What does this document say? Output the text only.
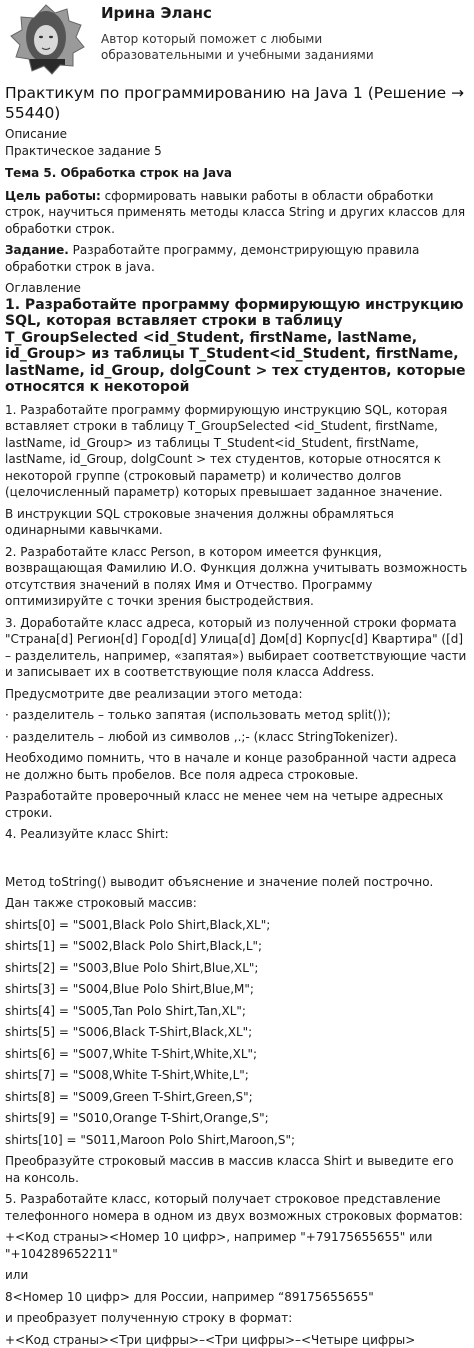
Ирина Эланс
Автор который поможет с любыми образовательными и учебными заданиями
Практикум по программированию на Java 1 (Решение → 55440)
Описание
Практическое задание 5
Тема 5. Обработка строк на Java

Цель работы: сформировать навыки работы в области обработки строк, научиться применять методы класса String и других классов для обработки строк.

Задание. Разработайте программу, демонстрирующую правила обработки строк в java.

Оглавление
1. Разработайте программу формирующую инструкцию SQL, которая вставляет строки в таблицу T_GroupSelected <id_Student, firstName, lastName, id_Group> из таблицы T_Student<id_Student, firstName, lastName, id_Group, dolgCount > тех студентов, которые относятся к некоторой

1. Разработайте программу формирующую инструкцию SQL, которая вставляет строки в таблицу T_GroupSelected <id_Student, firstName, lastName, id_Group> из таблицы T_Student<id_Student, firstName, lastName, id_Group, dolgCount > тех студентов, которые относятся к некоторой группе (строковый параметр) и количество долгов (целочисленный параметр) которых превышает заданное значение.

В инструкции SQL строковые значения должны обрамляться одинарными кавычками.

2. Разработайте класс Person, в котором имеется функция, возвращающая Фамилию И.О. Функция должна учитывать возможность отсутствия значений в полях Имя и Отчество. Программу оптимизируйте с точки зрения быстродействия.

3. Доработайте класс адреса, который из полученной строки формата "Страна[d] Регион[d] Город[d] Улица[d] Дом[d] Корпус[d] Квартира" ([d] – разделитель, например, «запятая») выбирает соответствующие части и записывает их в соответствующие поля класса Address.

Предусмотрите две реализации этого метода:

· разделитель – только запятая (использовать метод split());

· разделитель – любой из символов ,.;- (класс StringTokenizer).

Необходимо помнить, что в начале и конце разобранной части адреса не должно быть пробелов. Все поля адреса строковые.

Разработайте проверочный класс не менее чем на четыре адресных строки.

4. Реализуйте класс Shirt:

Метод toString() выводит объяснение и значение полей построчно.

Дан также строковый массив:

shirts[0] = "S001,Black Polo Shirt,Black,XL";
shirts[1] = "S002,Black Polo Shirt,Black,L";
shirts[2] = "S003,Blue Polo Shirt,Blue,XL";
shirts[3] = "S004,Blue Polo Shirt,Blue,M";
shirts[4] = "S005,Tan Polo Shirt,Tan,XL";
shirts[5] = "S006,Black T-Shirt,Black,XL";
shirts[6] = "S007,White T-Shirt,White,XL";
shirts[7] = "S008,White T-Shirt,White,L";
shirts[8] = "S009,Green T-Shirt,Green,S";
shirts[9] = "S010,Orange T-Shirt,Orange,S";
shirts[10] = "S011,Maroon Polo Shirt,Maroon,S";

Преобразуйте строковый массив в массив класса Shirt и выведите его на консоль.

5. Разработайте класс, который получает строковое представление телефонного номера в одном из двух возможных строковых форматов:

+<Код страны><Номер 10 цифр>, например "+79175655655" или "+104289652211"

или

8<Номер 10 цифр> для России, например “89175655655"

и преобразует полученную строку в формат:

+<Код страны><Три цифры>–<Три цифры>–<Четыре цифры>
